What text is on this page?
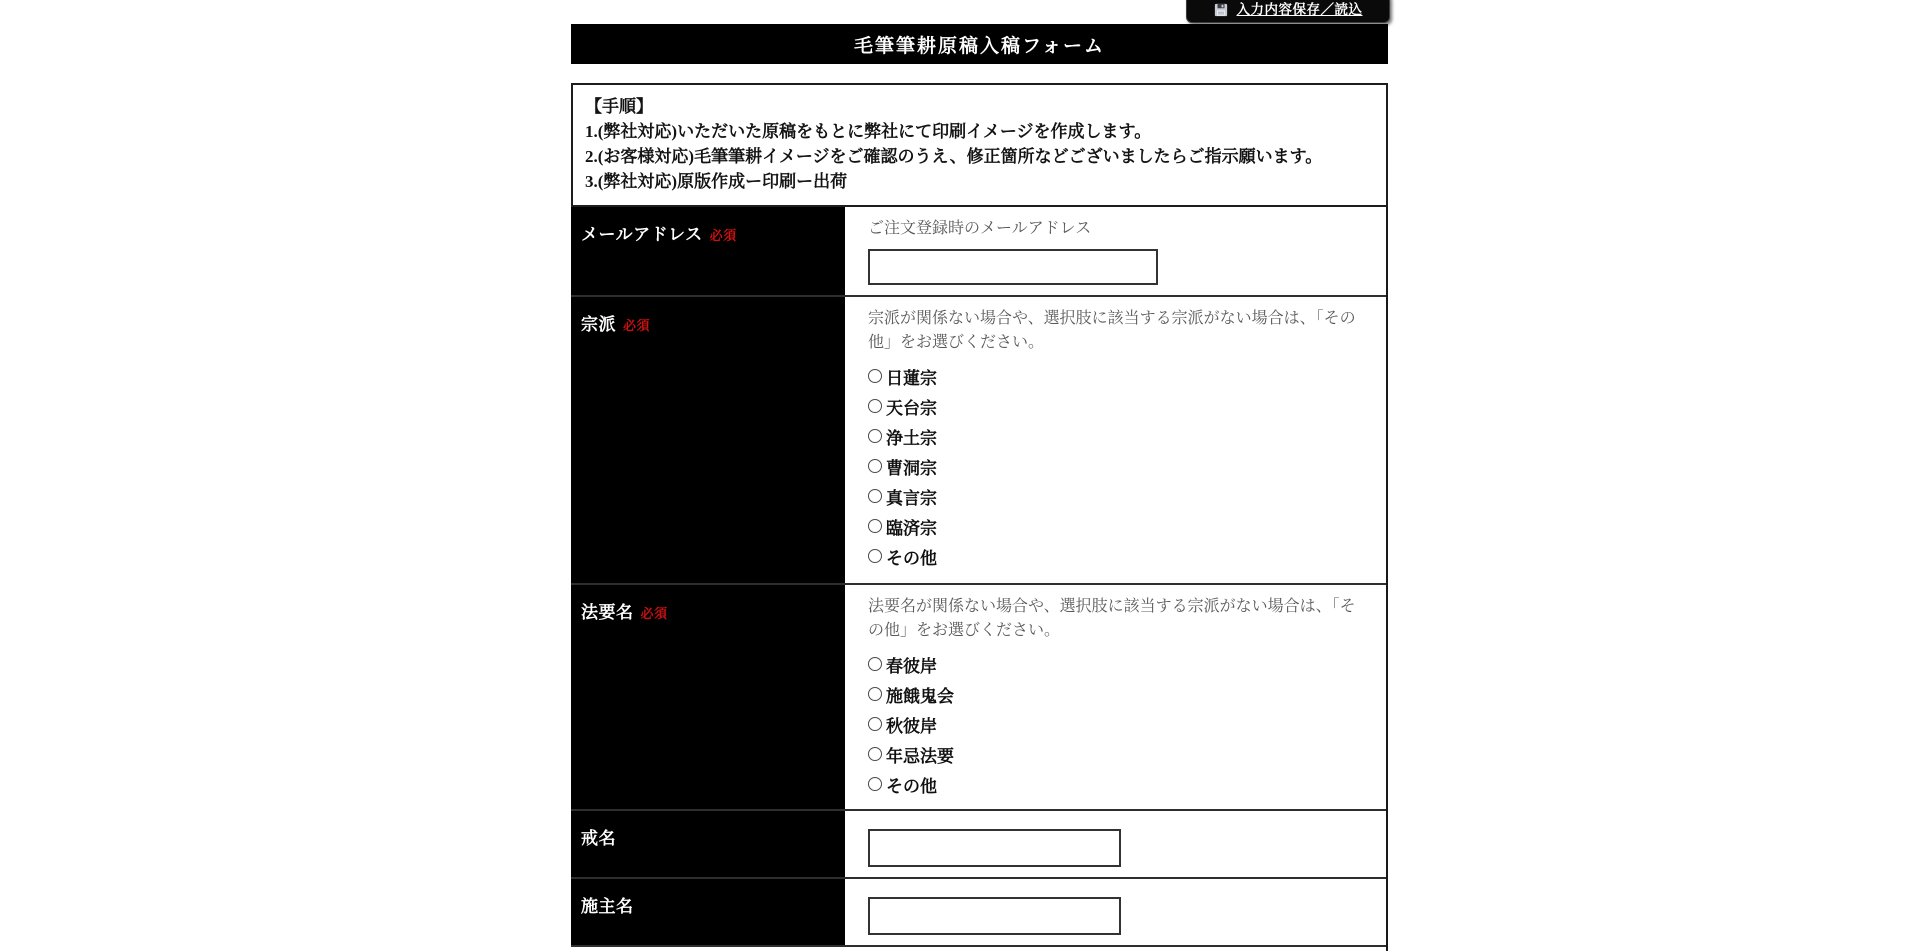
入力内容保存／読込
毛筆筆耕原稿入稿フォーム
【手順】
1.(弊社対応)いただいた原稿をもとに弊社にて印刷イメージを作成します。
2.(お客様対応)毛筆筆耕イメージをご確認のうえ、修正箇所などございましたらご指示願います。
3.(弊社対応)原版作成ー印刷ー出荷
メールアドレス 必須	ご注文登録時のメールアドレス
宗派 必須	宗派が関係ない場合や、選択肢に該当する宗派がない場合は、「その他」をお選びください。
日蓮宗
天台宗
浄土宗
曹洞宗
真言宗
臨済宗
その他
法要名 必須	法要名が関係ない場合や、選択肢に該当する宗派がない場合は、「その他」をお選びください。
春彼岸
施餓鬼会
秋彼岸
年忌法要
その他
戒名
施主名
